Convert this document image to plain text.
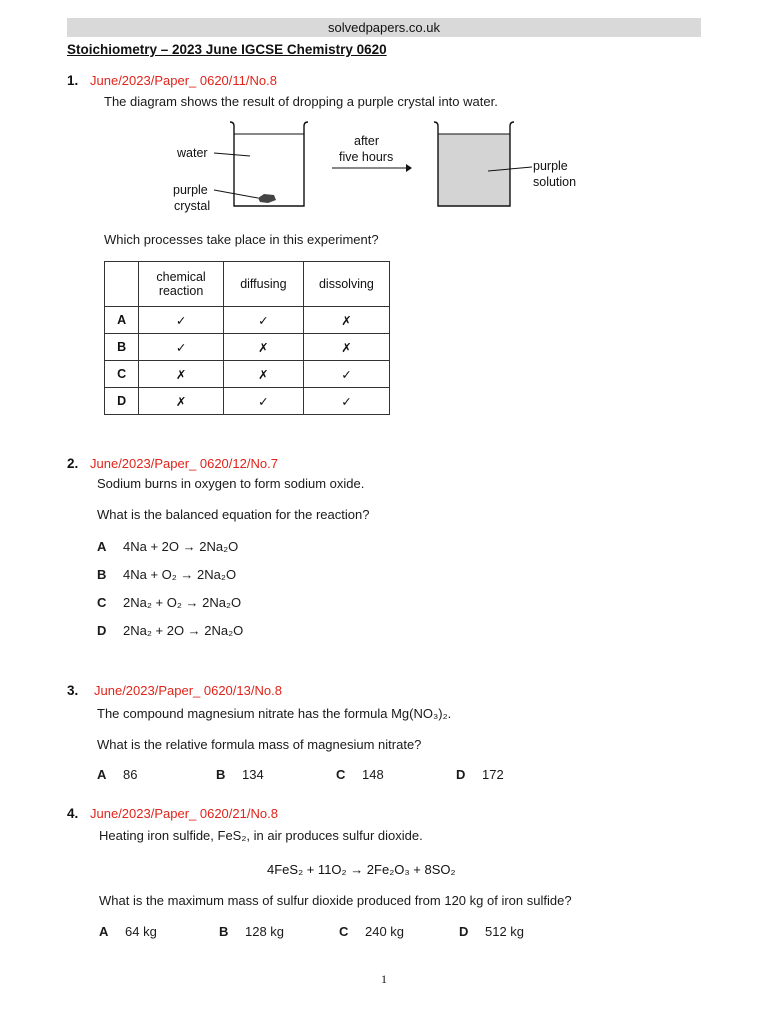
solvedpapers.co.uk
Stoichiometry – 2023 June IGCSE Chemistry 0620
1. June/2023/Paper_ 0620/11/No.8
The diagram shows the result of dropping a purple crystal into water.
water
purple
crystal
after
five hours
purple
solution
Which processes take place in this experiment?
	chemical reaction	diffusing	dissolving
A	✓	✓	✗
B	✓	✗	✗
C	✗	✗	✓
D	✗	✓	✓
2. June/2023/Paper_ 0620/12/No.7
Sodium burns in oxygen to form sodium oxide.
What is the balanced equation for the reaction?
A 4Na + 2O → 2Na₂O
B 4Na + O₂ → 2Na₂O
C 2Na₂ + O₂ → 2Na₂O
D 2Na₂ + 2O → 2Na₂O
3. June/2023/Paper_ 0620/13/No.8
The compound magnesium nitrate has the formula Mg(NO₃)₂.
What is the relative formula mass of magnesium nitrate?
A 86	B 134	C 148	D 172
4. June/2023/Paper_ 0620/21/No.8
Heating iron sulfide, FeS₂, in air produces sulfur dioxide.
4FeS₂ + 11O₂ → 2Fe₂O₃ + 8SO₂
What is the maximum mass of sulfur dioxide produced from 120 kg of iron sulfide?
A 64 kg	B 128 kg	C 240 kg	D 512 kg
1
